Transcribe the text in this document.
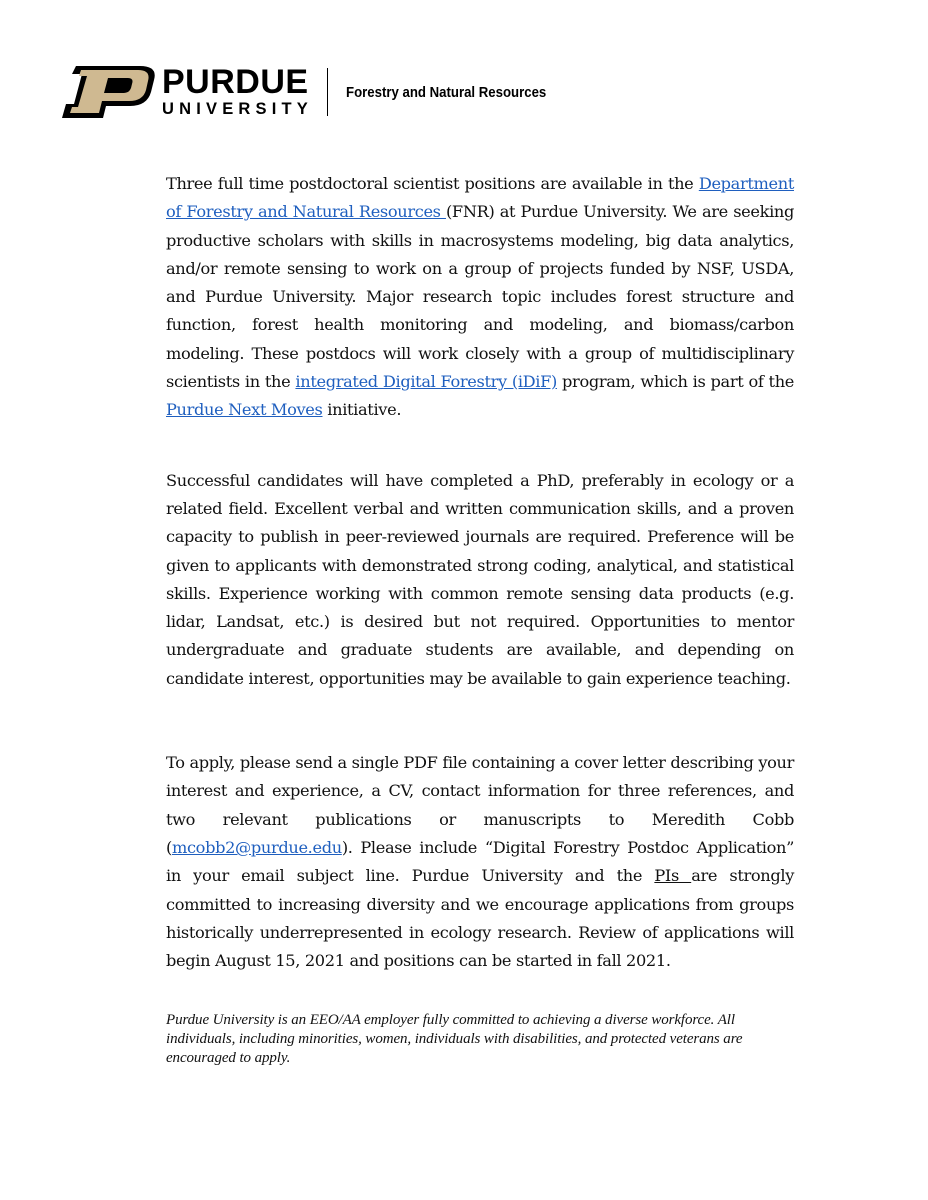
PURDUE
UNIVERSITY
Forestry and Natural Resources

Three full time postdoctoral scientist positions are available in the Department of Forestry and Natural Resources (FNR) at Purdue University. We are seeking productive scholars with skills in macrosystems modeling, big data analytics, and/or remote sensing to work on a group of projects funded by NSF, USDA, and Purdue University. Major research topic includes forest structure and function, forest health monitoring and modeling, and biomass/carbon modeling. These postdocs will work closely with a group of multidisciplinary scientists in the integrated Digital Forestry (iDiF) program, which is part of the Purdue Next Moves initiative.

Successful candidates will have completed a PhD, preferably in ecology or a related field. Excellent verbal and written communication skills, and a proven capacity to publish in peer-reviewed journals are required. Preference will be given to applicants with demonstrated strong coding, analytical, and statistical skills. Experience working with common remote sensing data products (e.g. lidar, Landsat, etc.) is desired but not required. Opportunities to mentor undergraduate and graduate students are available, and depending on candidate interest, opportunities may be available to gain experience teaching.

To apply, please send a single PDF file containing a cover letter describing your interest and experience, a CV, contact information for three references, and two relevant publications or manuscripts to Meredith Cobb (mcobb2@purdue.edu). Please include “Digital Forestry Postdoc Application” in your email subject line. Purdue University and the PIs are strongly committed to increasing diversity and we encourage applications from groups historically underrepresented in ecology research. Review of applications will begin August 15, 2021 and positions can be started in fall 2021.

Purdue University is an EEO/AA employer fully committed to achieving a diverse workforce. All individuals, including minorities, women, individuals with disabilities, and protected veterans are encouraged to apply.
